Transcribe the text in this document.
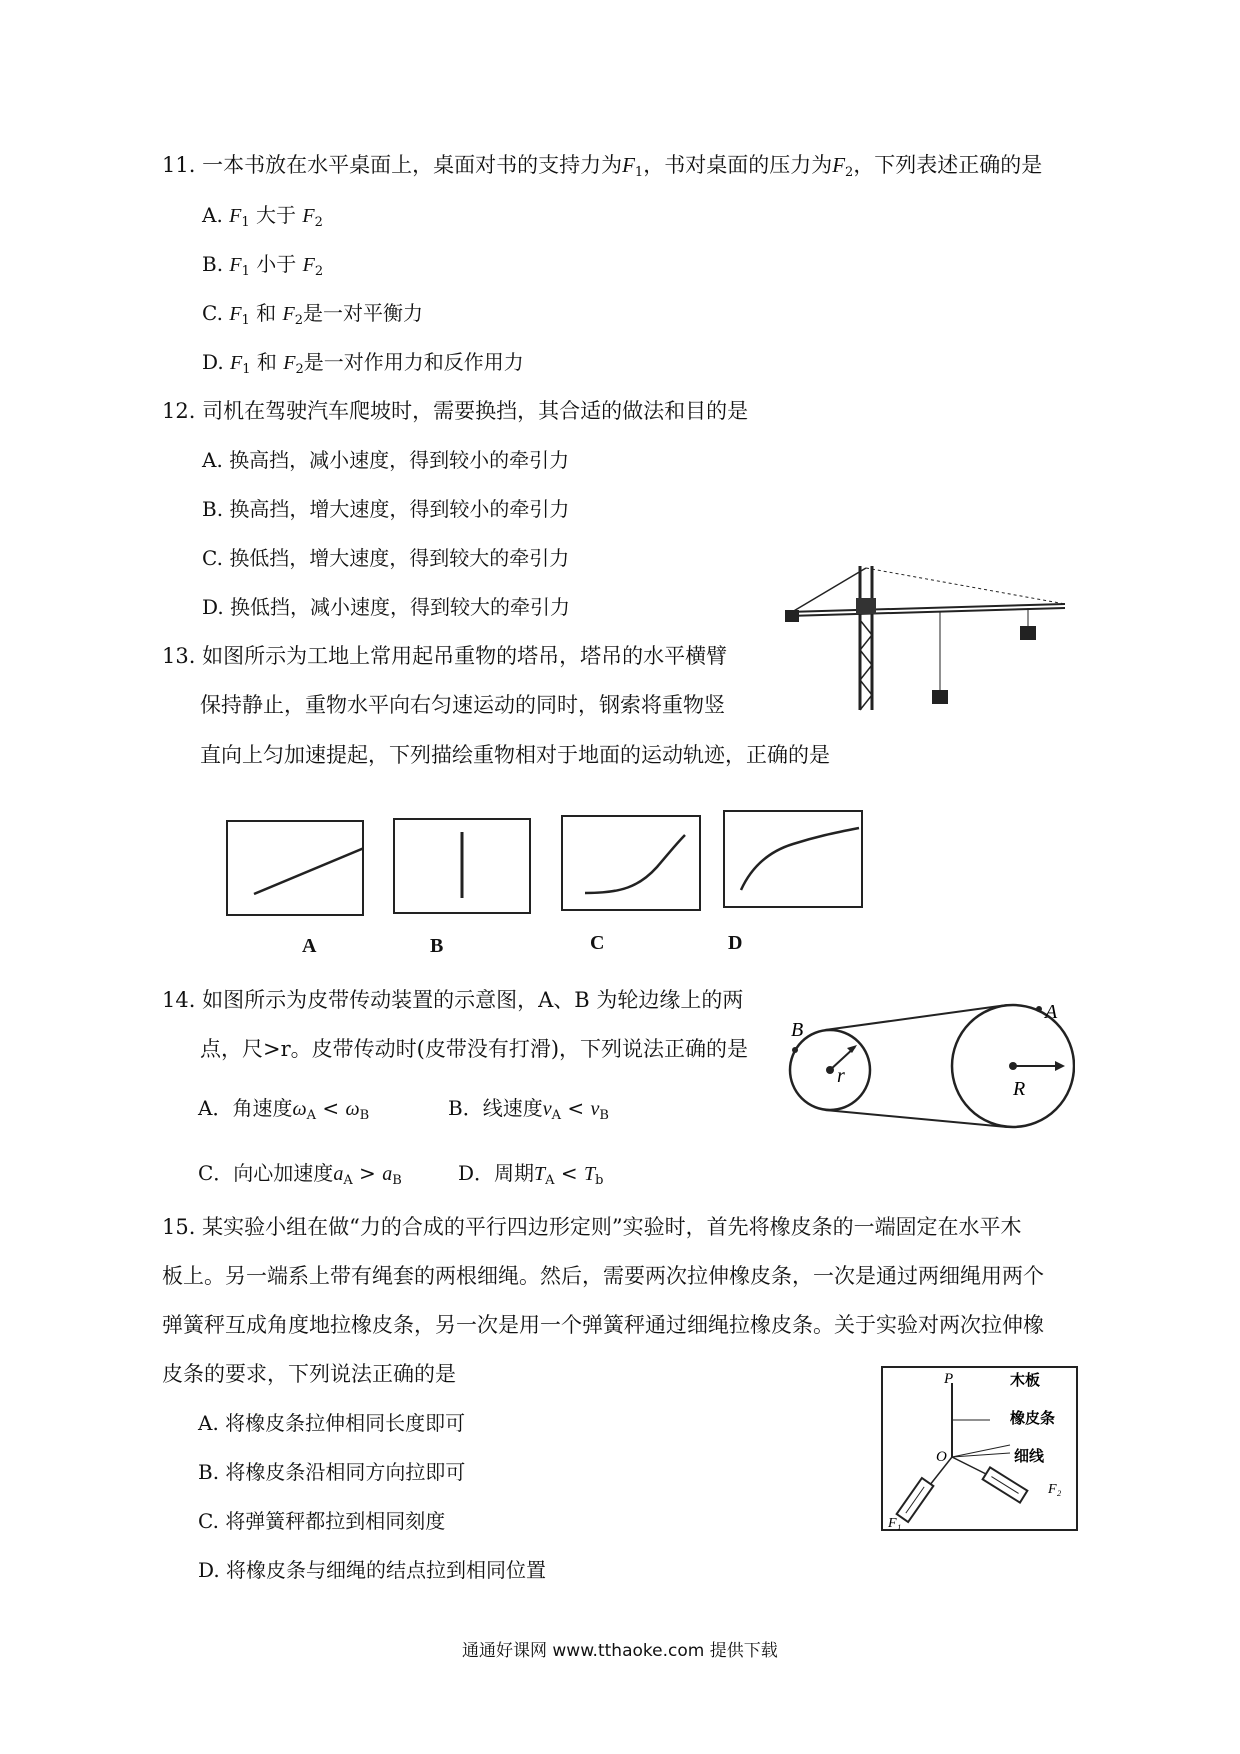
11. 一本书放在水平桌面上，桌面对书的支持力为$F_1$，书对桌面的压力为$F_2$，下列表述正确的是
A. $F_1$ 大于 $F_2$
B. $F_1$ 小于 $F_2$
C. $F_1$ 和 $F_2$是一对平衡力
D. $F_1$ 和 $F_2$是一对作用力和反作用力
12. 司机在驾驶汽车爬坡时，需要换挡，其合适的做法和目的是
A. 换高挡，减小速度，得到较小的牵引力
B. 换高挡，增大速度，得到较小的牵引力
C. 换低挡，增大速度，得到较大的牵引力
D. 换低挡，减小速度，得到较大的牵引力
13. 如图所示为工地上常用起吊重物的塔吊，塔吊的水平横臂
保持静止，重物水平向右匀速运动的同时，钢索将重物竖
直向上匀加速提起，下列描绘重物相对于地面的运动轨迹，正确的是
A	B	C	D
14. 如图所示为皮带传动装置的示意图，A、B 为轮边缘上的两
点，尺>r。皮带传动时(皮带没有打滑)，下列说法正确的是
A．角速度$\omega_A < \omega_B$	B．线速度$v_A < v_B$
C．向心加速度$a_A > a_B$	D．周期$T_A < T_b$
B
A
r
R
15. 某实验小组在做“力的合成的平行四边形定则”实验时，首先将橡皮条的一端固定在水平木
板上。另一端系上带有绳套的两根细绳。然后，需要两次拉伸橡皮条，一次是通过两细绳用两个
弹簧秤互成角度地拉橡皮条，另一次是用一个弹簧秤通过细绳拉橡皮条。关于实验对两次拉伸橡
皮条的要求，下列说法正确的是
A. 将橡皮条拉伸相同长度即可
B. 将橡皮条沿相同方向拉即可
C. 将弹簧秤都拉到相同刻度
D. 将橡皮条与细绳的结点拉到相同位置
P
O
木板
橡皮条
细线
F₁
F₂
通通好课网 www.tthaoke.com 提供下载
